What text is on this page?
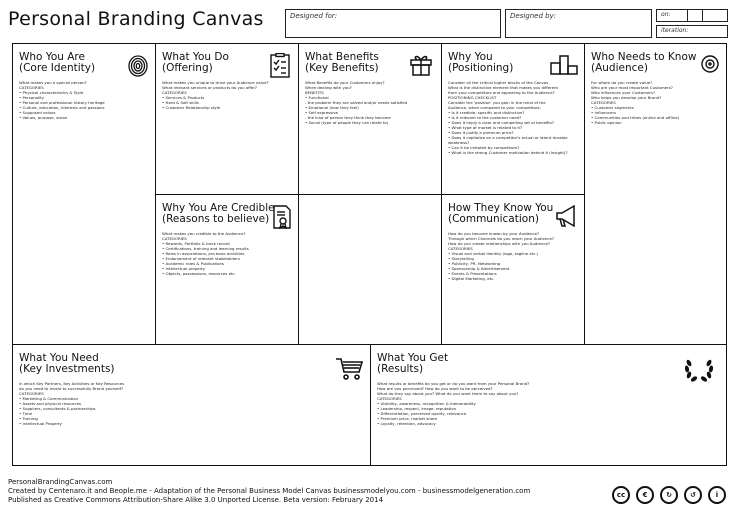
Personal Branding Canvas	Designed for:	Designed by:	on:
iteration:
Who You Are
(Core Identity)
What makes you a special person?
CATEGORIES
• Physical characteristics & Style
• Personality
• Personal and professional history heritage
• Culture, education, interests and passions
• Supposed values
• Values, purpose, vision
What You Do
(Offering)
What makes you unique to drive your Audience value?
What relevant services or products do you offer?
CATEGORIES
• Services & Products
• Hard & Soft skills
• Customer Relationship style
What Benefits
(Key Benefits)
What Benefits do your Customers enjoy?
When dealing with you?
BENEFITS
• Functional
- the problem they are solved and/or needs satisfied
• Emotional (how they feel)
• Self expressive
- the kind of person they think they become
• Social (type of people they can relate to)
Why You
(Positioning)
Consider all the critical higher blocks of the Canvas
What is the distinctive element that makes you different
from your competitors and appealing to the Audience?
POSITIONING CHECKLIST
Consider the 'position' you gain in the mind of the
Audience, when compared to your competitors:
• Is it credible, specific and distinctive?
• Is it relevant to the customer need?
• Does it imply a clear and compelling set of benefits?
• What type of market is related to it?
• Does it justify a premium price?
• Does it capitalize on a competitor's actual or latent durable
weakness?
• Can it be imitated by competitors?
• What is the strong Customer motivation behind it (insight)?
Who Needs to Know
(Audience)
For whom do you create value?
Who are your most important Customers?
Who influences your Customers?
Who helps you develop your Brand?
CATEGORIES
• Customer segments
• Influencers
• Communities and tribes (online and offline)
• Public opinion
Why You Are Credible
(Reasons to believe)
What makes you credible to the Audience?
CATEGORIES
• Rewards, Portfolio & track record
• Certifications, training and learning results
• Roles in associations, pro bono activities
• Endorsement of relevant stakeholders
• Academic roles & Publications
• Intellectual property
• Objects, possessions, resources etc.
How They Know You
(Communication)
How do you become known by your Audience?
Through which Channels do you reach your Audience?
How do you create relationships with you Audience?
CATEGORIES
• Visual and verbal identity (logo, tagline etc.)
• Storytelling
• Publicity, PR, Networking
• Sponsorship & Advertisement
• Events & Presentations
• Digital Marketing, etc.
What You Need
(Key Investments)
In which Key Partners, Key Activities or Key Resources
do you need to invest to successfully Brand yourself?
CATEGORIES
• Marketing & Communication
• Assets and physical resources
• Suppliers, consultants & partnerships
• Time
• Training
• Intellectual Property
What You Get
(Results)
What results or benefits do you get or do you want from your Personal Brand?
How are you perceived? How do you want to be perceived?
What do they say about you? What do you want them to say about you?
CATEGORIES
• Visibility, awareness, recognition & memorability
• Leadership, respect, image, reputation
• Differentiation, perceived quality, relevance
• Premium price, market share
• Loyalty, retention, advocacy
PersonalBrandingCanvas.com
Created by Centenaro.it and Beople.me - Adaptation of the Personal Business Model Canvas businessmodelyou.com - businessmodelgeneration.com
Published as Creative Commons Attribution-Share Alike 3.0 Unported License. Beta version: February 2014
cc	€	↻	↺	i
